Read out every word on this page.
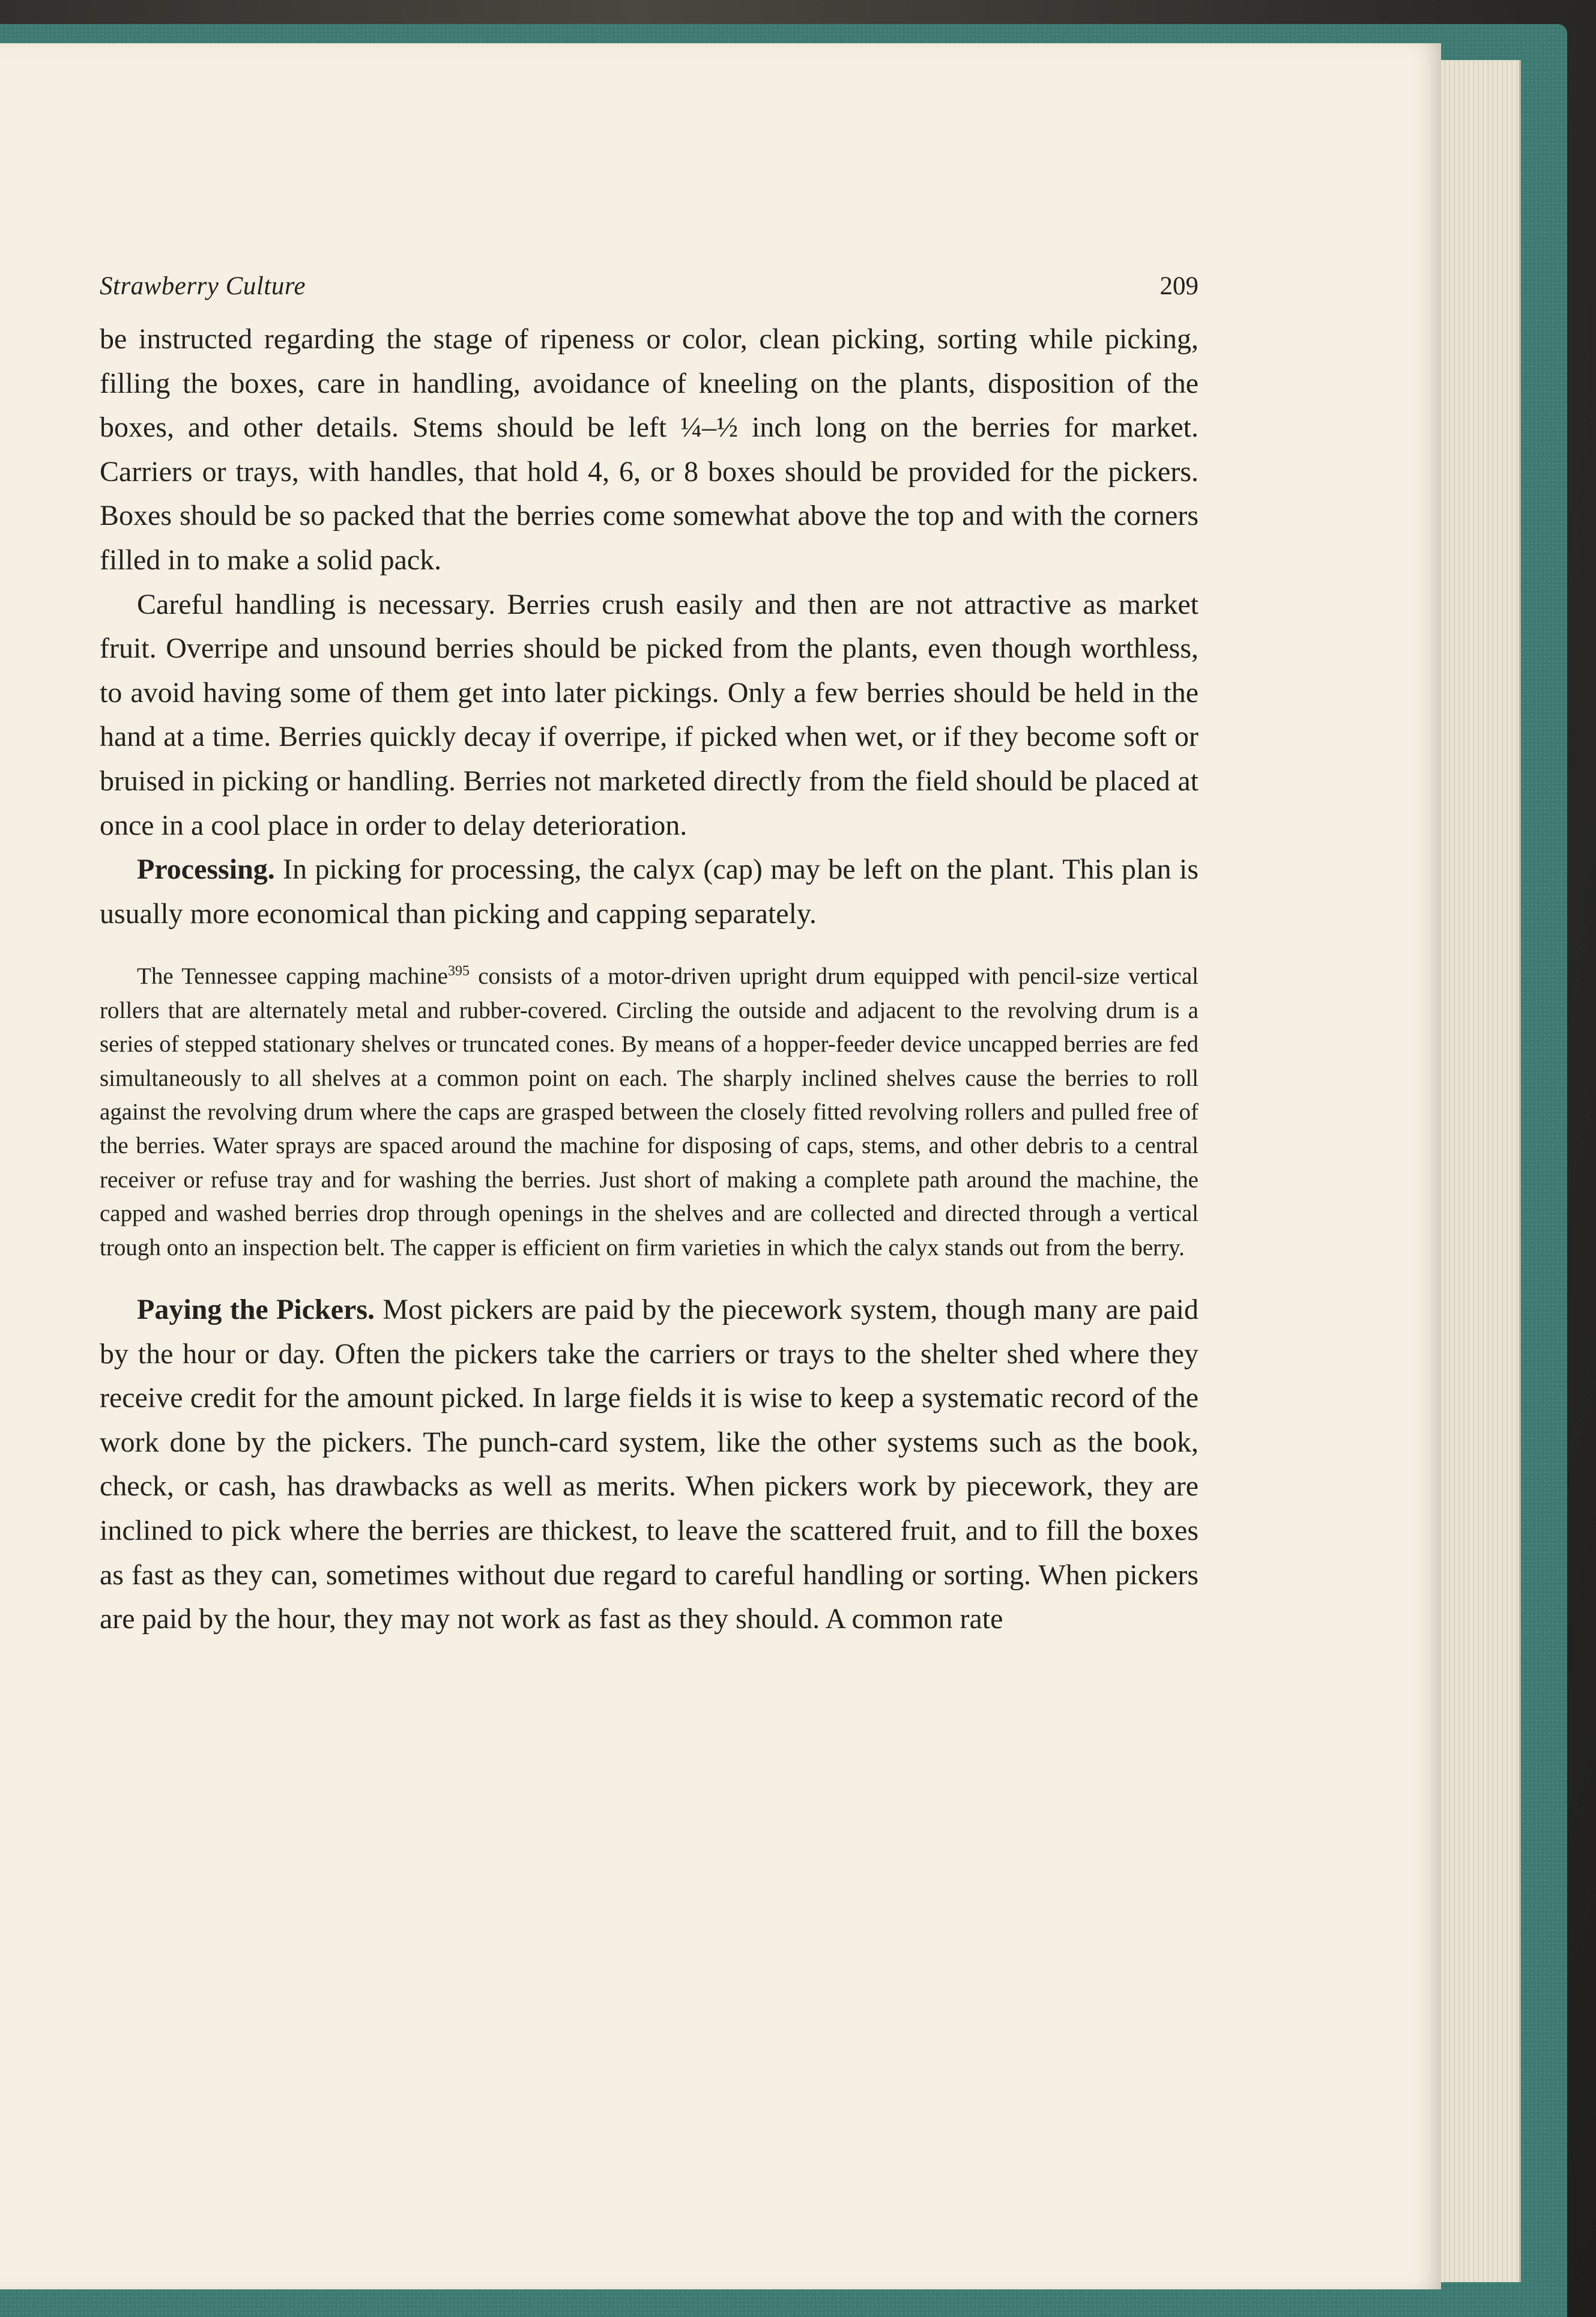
Strawberry Culture	209

be instructed regarding the stage of ripeness or color, clean picking, sorting while picking, filling the boxes, care in handling, avoidance of kneeling on the plants, disposition of the boxes, and other details. Stems should be left ¼–½ inch long on the berries for market. Carriers or trays, with handles, that hold 4, 6, or 8 boxes should be provided for the pickers. Boxes should be so packed that the berries come somewhat above the top and with the corners filled in to make a solid pack.

Careful handling is necessary. Berries crush easily and then are not attractive as market fruit. Overripe and unsound berries should be picked from the plants, even though worthless, to avoid having some of them get into later pickings. Only a few berries should be held in the hand at a time. Berries quickly decay if overripe, if picked when wet, or if they become soft or bruised in picking or handling. Berries not marketed directly from the field should be placed at once in a cool place in order to delay deterioration.

Processing. In picking for processing, the calyx (cap) may be left on the plant. This plan is usually more economical than picking and capping separately.

The Tennessee capping machine$^{395}$ consists of a motor-driven upright drum equipped with pencil-size vertical rollers that are alternately metal and rubber-covered. Circling the outside and adjacent to the revolving drum is a series of stepped stationary shelves or truncated cones. By means of a hopper-feeder device uncapped berries are fed simultaneously to all shelves at a common point on each. The sharply inclined shelves cause the berries to roll against the revolving drum where the caps are grasped between the closely fitted revolving rollers and pulled free of the berries. Water sprays are spaced around the machine for disposing of caps, stems, and other debris to a central receiver or refuse tray and for washing the berries. Just short of making a complete path around the machine, the capped and washed berries drop through openings in the shelves and are collected and directed through a vertical trough onto an inspection belt. The capper is efficient on firm varieties in which the calyx stands out from the berry.

Paying the Pickers. Most pickers are paid by the piecework system, though many are paid by the hour or day. Often the pickers take the carriers or trays to the shelter shed where they receive credit for the amount picked. In large fields it is wise to keep a systematic record of the work done by the pickers. The punch-card system, like the other systems such as the book, check, or cash, has drawbacks as well as merits. When pickers work by piecework, they are inclined to pick where the berries are thickest, to leave the scattered fruit, and to fill the boxes as fast as they can, sometimes without due regard to careful handling or sorting. When pickers are paid by the hour, they may not work as fast as they should. A common rate
